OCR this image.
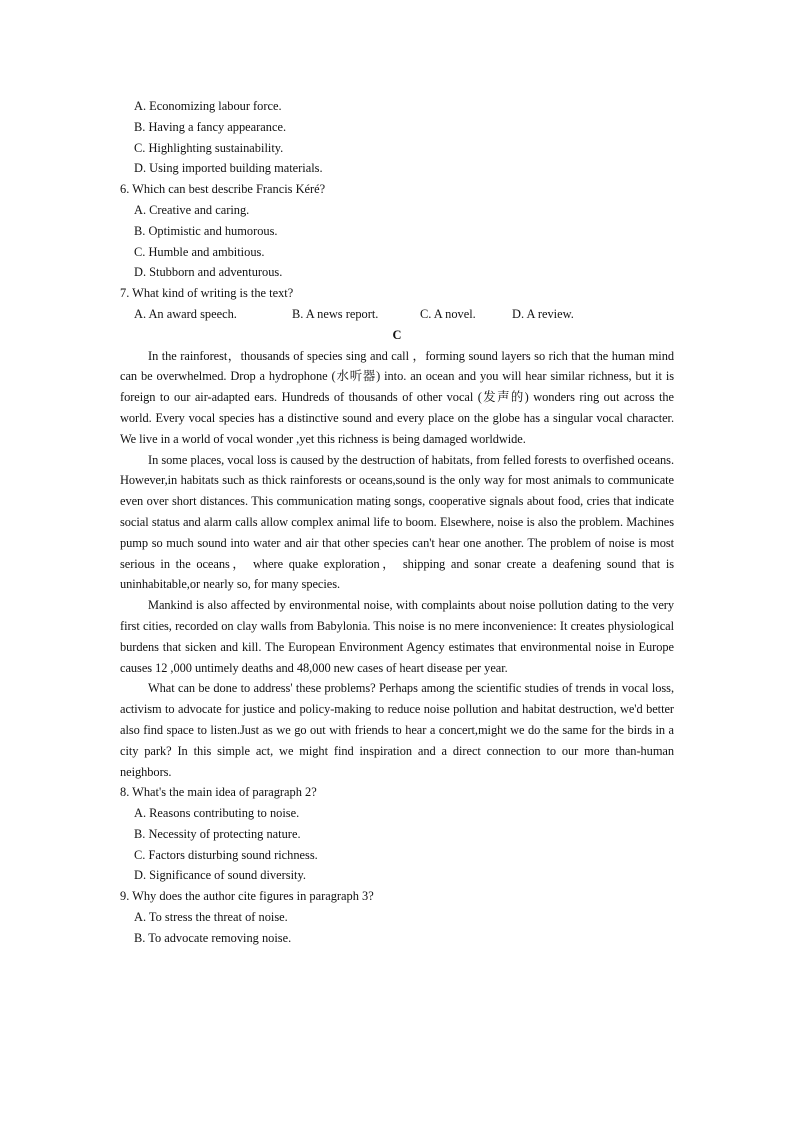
A. Economizing labour force.
B. Having a fancy appearance.
C. Highlighting sustainability.
D. Using imported building materials.
6. Which can best describe Francis Kéré?
A. Creative and caring.
B. Optimistic and humorous.
C. Humble and ambitious.
D. Stubborn and adventurous.
7. What kind of writing is the text?
A. An award speech.	B. A news report.	C. A novel.	D. A review.
C

In the rainforest，thousands of species sing and call ，forming sound layers so rich that the human mind can be overwhelmed. Drop a hydrophone (水听器) into. an ocean and you will hear similar richness, but it is foreign to our air-adapted ears. Hundreds of thousands of other vocal (发声的) wonders ring out across the world. Every vocal species has a distinctive sound and every place on the globe has a singular vocal character. We live in a world of vocal wonder ,yet this richness is being damaged worldwide.

In some places, vocal loss is caused by the destruction of habitats, from felled forests to overfished oceans. However,in habitats such as thick rainforests or oceans,sound is the only way for most animals to communicate even over short distances. This communication mating songs, cooperative signals about food, cries that indicate social status and alarm calls allow complex animal life to boom. Elsewhere, noise is also the problem. Machines pump so much sound into water and air that other species can't hear one another. The problem of noise is most serious in the oceans， where quake exploration， shipping and sonar create a deafening sound that is uninhabitable,or nearly so, for many species.

Mankind is also affected by environmental noise, with complaints about noise pollution dating to the very first cities, recorded on clay walls from Babylonia. This noise is no mere inconvenience: It creates physiological burdens that sicken and kill. The European Environment Agency estimates that environmental noise in Europe causes 12 ,000 untimely deaths and 48,000 new cases of heart disease per year.

What can be done to address' these problems? Perhaps among the scientific studies of trends in vocal loss, activism to advocate for justice and policy-making to reduce noise pollution and habitat destruction, we'd better also find space to listen.Just as we go out with friends to hear a concert,might we do the same for the birds in a city park? In this simple act, we might find inspiration and a direct connection to our more than-human neighbors.

8. What's the main idea of paragraph 2?
A. Reasons contributing to noise.
B. Necessity of protecting nature.
C. Factors disturbing sound richness.
D. Significance of sound diversity.
9. Why does the author cite figures in paragraph 3?
A. To stress the threat of noise.
B. To advocate removing noise.
